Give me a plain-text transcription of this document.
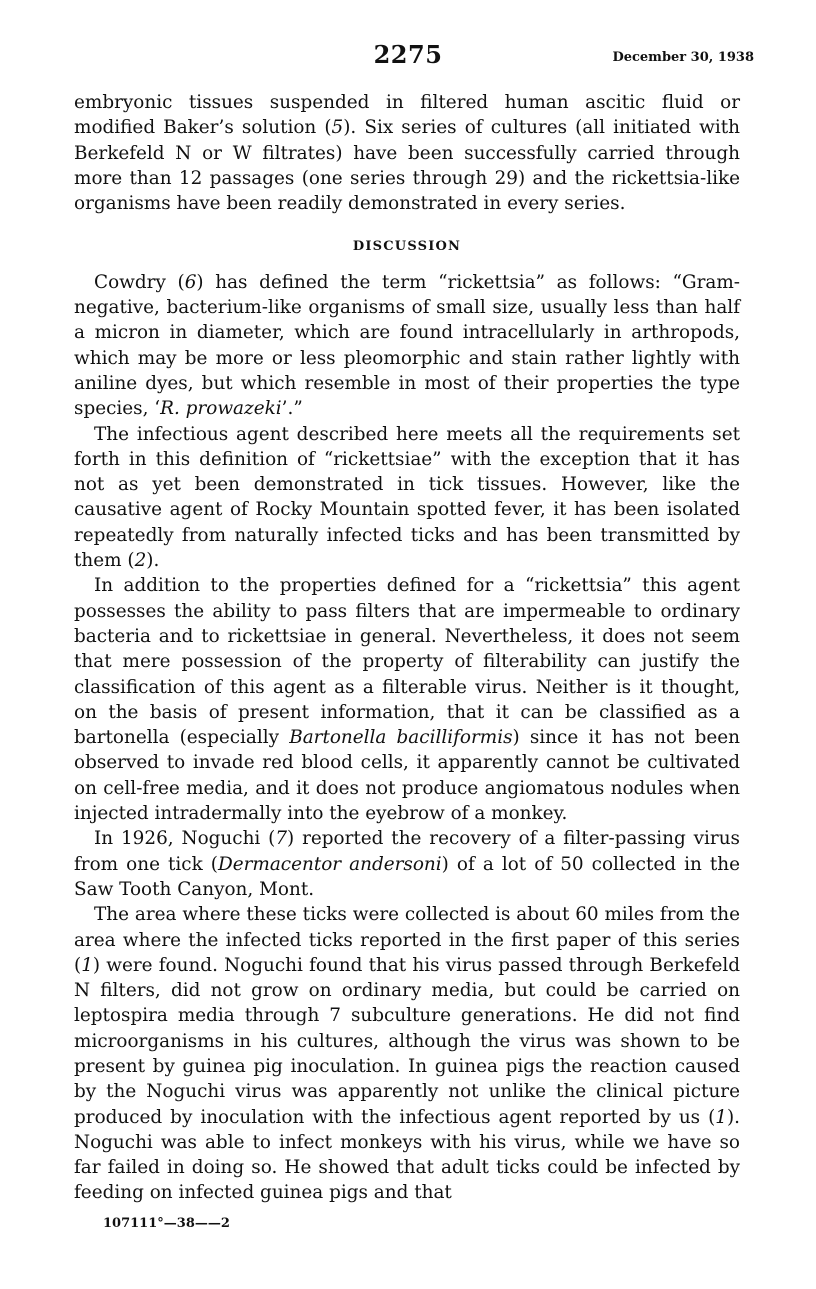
2275	December 30, 1938

embryonic tissues suspended in filtered human ascitic fluid or modified Baker’s solution (5). Six series of cultures (all initiated with Berkefeld N or W filtrates) have been successfully carried through more than 12 passages (one series through 29) and the rickettsia-like organisms have been readily demonstrated in every series.

DISCUSSION

Cowdry (6) has defined the term “rickettsia” as follows: “Gram-negative, bacterium-like organisms of small size, usually less than half a micron in diameter, which are found intracellularly in arthropods, which may be more or less pleomorphic and stain rather lightly with aniline dyes, but which resemble in most of their properties the type species, ‘R. prowazeki’.”

The infectious agent described here meets all the requirements set forth in this definition of “rickettsiae” with the exception that it has not as yet been demonstrated in tick tissues. However, like the causative agent of Rocky Mountain spotted fever, it has been isolated repeatedly from naturally infected ticks and has been transmitted by them (2).

In addition to the properties defined for a “rickettsia” this agent possesses the ability to pass filters that are impermeable to ordinary bacteria and to rickettsiae in general. Nevertheless, it does not seem that mere possession of the property of filterability can justify the classification of this agent as a filterable virus. Neither is it thought, on the basis of present information, that it can be classified as a bartonella (especially Bartonella bacilliformis) since it has not been observed to invade red blood cells, it apparently cannot be cultivated on cell-free media, and it does not produce angiomatous nodules when injected intradermally into the eyebrow of a monkey.

In 1926, Noguchi (7) reported the recovery of a filter-passing virus from one tick (Dermacentor andersoni) of a lot of 50 collected in the Saw Tooth Canyon, Mont.

The area where these ticks were collected is about 60 miles from the area where the infected ticks reported in the first paper of this series (1) were found. Noguchi found that his virus passed through Berkefeld N filters, did not grow on ordinary media, but could be carried on leptospira media through 7 subculture generations. He did not find microorganisms in his cultures, although the virus was shown to be present by guinea pig inoculation. In guinea pigs the reaction caused by the Noguchi virus was apparently not unlike the clinical picture produced by inoculation with the infectious agent reported by us (1). Noguchi was able to infect monkeys with his virus, while we have so far failed in doing so. He showed that adult ticks could be infected by feeding on infected guinea pigs and that

107111°—38——2
